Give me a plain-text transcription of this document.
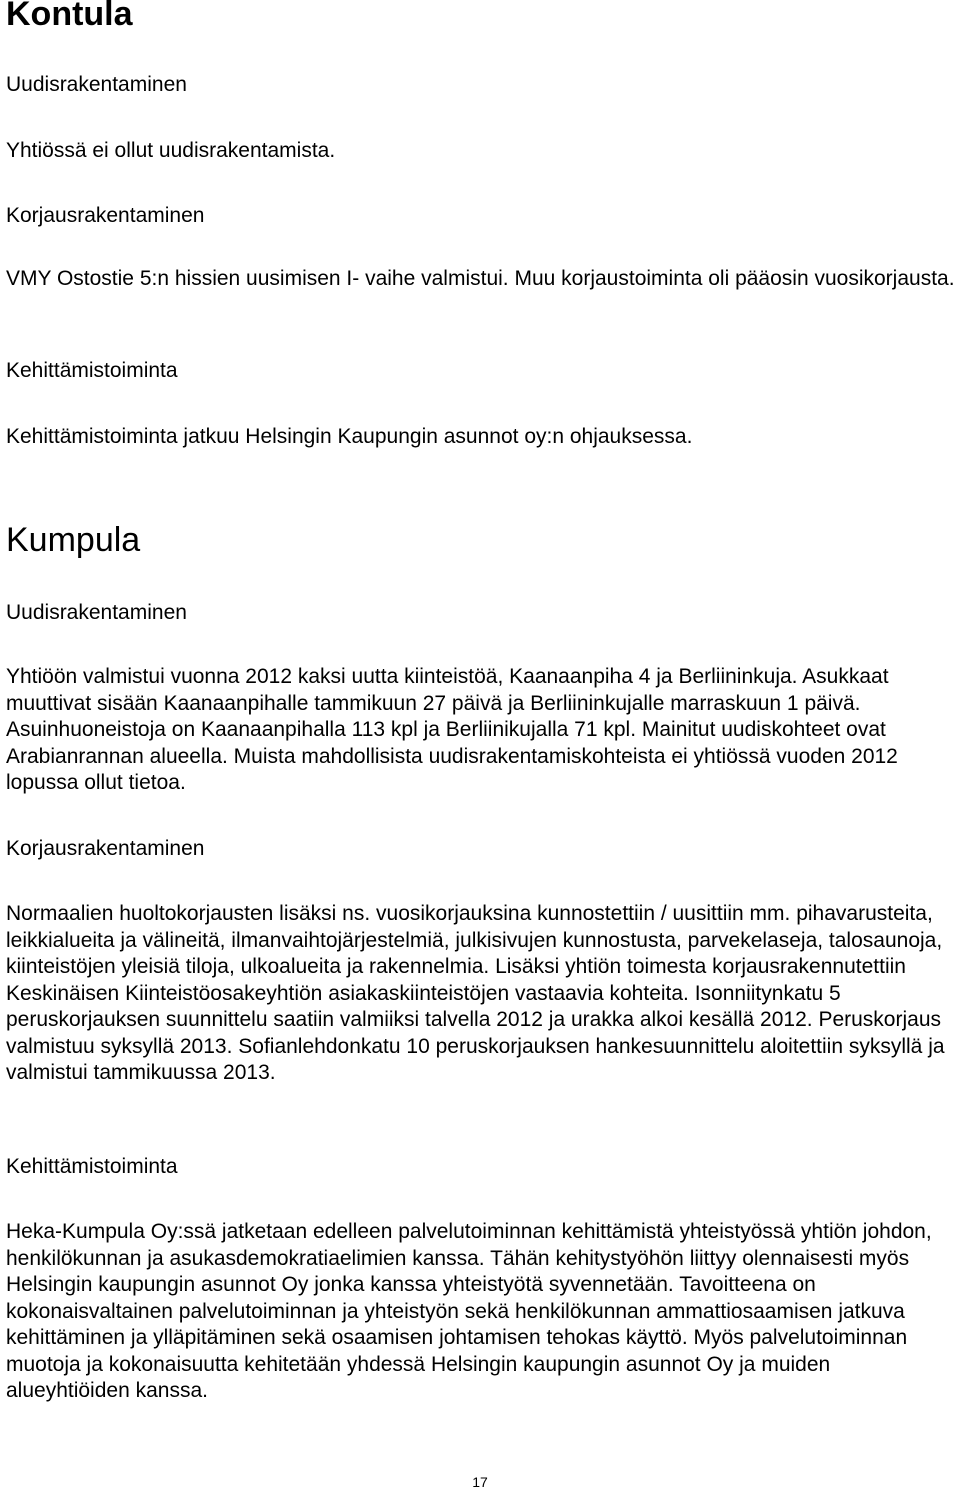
Kontula
Uudisrakentaminen

Yhtiössä ei ollut uudisrakentamista.

Korjausrakentaminen

VMY Ostostie 5:n hissien uusimisen I- vaihe valmistui. Muu korjaustoiminta oli pääosin vuosikorjausta.

Kehittämistoiminta

Kehittämistoiminta jatkuu Helsingin Kaupungin asunnot oy:n ohjauksessa.

Kumpula
Uudisrakentaminen

Yhtiöön valmistui vuonna 2012 kaksi uutta kiinteistöä, Kaanaanpiha 4 ja Berliininkuja. Asukkaat muuttivat sisään Kaanaanpihalle tammikuun 27 päivä ja Berliininkujalle marraskuun 1 päivä. Asuinhuoneistoja on Kaanaanpihalla 113 kpl ja Berliinikujalla 71 kpl. Mainitut uudiskohteet ovat Arabianrannan alueella. Muista mahdollisista uudisrakentamiskohteista ei yhtiössä vuoden 2012 lopussa ollut tietoa.

Korjausrakentaminen

Normaalien huoltokorjausten lisäksi ns. vuosikorjauksina kunnostettiin / uusittiin mm. pihavarusteita, leikkialueita ja välineitä, ilmanvaihtojärjestelmiä, julkisivujen kunnostusta, parvekelaseja, talosaunoja, kiinteistöjen yleisiä tiloja, ulkoalueita ja rakennelmia. Lisäksi yhtiön toimesta korjausrakennutettiin Keskinäisen Kiinteistöosakeyhtiön asiakaskiinteistöjen vastaavia kohteita. Isonniitynkatu 5 peruskorjauksen suunnittelu saatiin valmiiksi talvella 2012 ja urakka alkoi kesällä 2012. Peruskorjaus valmistuu syksyllä 2013. Sofianlehdonkatu 10 peruskorjauksen hankesuunnittelu aloitettiin syksyllä ja valmistui tammikuussa 2013.

Kehittämistoiminta

Heka-Kumpula Oy:ssä jatketaan edelleen palvelutoiminnan kehittämistä yhteistyössä yhtiön johdon, henkilökunnan ja asukasdemokratiaelimien kanssa. Tähän kehitystyöhön liittyy olennaisesti myös Helsingin kaupungin asunnot Oy jonka kanssa yhteistyötä syvennetään. Tavoitteena on kokonaisvaltainen palvelutoiminnan ja yhteistyön sekä henkilökunnan ammattiosaamisen jatkuva kehittäminen ja ylläpitäminen sekä osaamisen johtamisen tehokas käyttö. Myös palvelutoiminnan muotoja ja kokonaisuutta kehitetään yhdessä Helsingin kaupungin asunnot Oy ja muiden alueyhtiöiden kanssa.

17
